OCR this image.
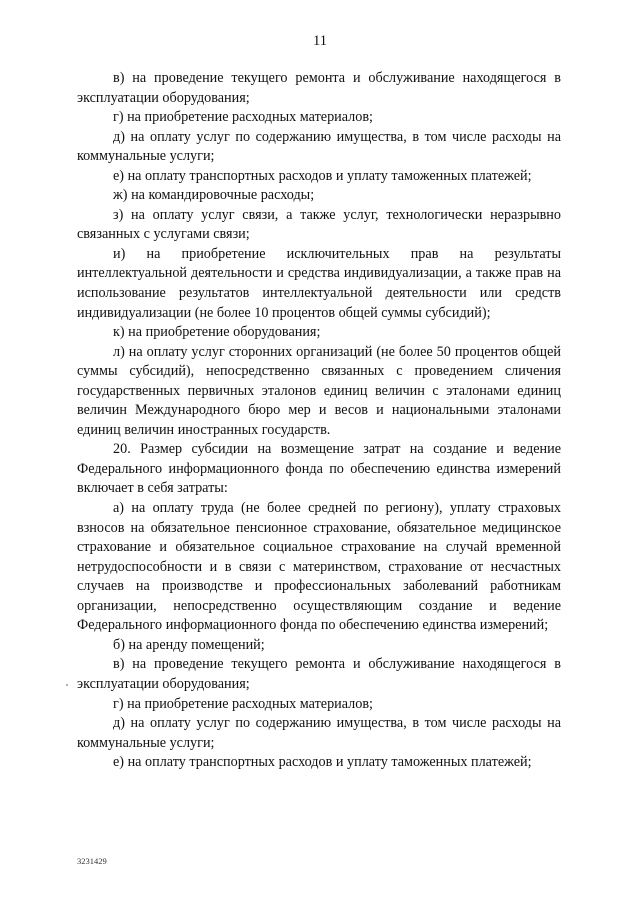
11

в) на проведение текущего ремонта и обслуживание находящегося в эксплуатации оборудования;

г) на приобретение расходных материалов;

д) на оплату услуг по содержанию имущества, в том числе расходы на коммунальные услуги;

е) на оплату транспортных расходов и уплату таможенных платежей;

ж) на командировочные расходы;

з) на оплату услуг связи, а также услуг, технологически неразрывно связанных с услугами связи;

и) на приобретение исключительных прав на результаты интеллектуальной деятельности и средства индивидуализации, а также прав на использование результатов интеллектуальной деятельности или средств индивидуализации (не более 10 процентов общей суммы субсидий);

к) на приобретение оборудования;

л) на оплату услуг сторонних организаций (не более 50 процентов общей суммы субсидий), непосредственно связанных с проведением сличения государственных первичных эталонов единиц величин с эталонами единиц величин Международного бюро мер и весов и национальными эталонами единиц величин иностранных государств.

20. Размер субсидии на возмещение затрат на создание и ведение Федерального информационного фонда по обеспечению единства измерений включает в себя затраты:

а) на оплату труда (не более средней по региону), уплату страховых взносов на обязательное пенсионное страхование, обязательное медицинское страхование и обязательное социальное страхование на случай временной нетрудоспособности и в связи с материнством, страхование от несчастных случаев на производстве и профессиональных заболеваний работникам организации, непосредственно осуществляющим создание и ведение Федерального информационного фонда по обеспечению единства измерений;

б) на аренду помещений;

в) на проведение текущего ремонта и обслуживание находящегося в эксплуатации оборудования;

г) на приобретение расходных материалов;

д) на оплату услуг по содержанию имущества, в том числе расходы на коммунальные услуги;

е) на оплату транспортных расходов и уплату таможенных платежей;

3231429
